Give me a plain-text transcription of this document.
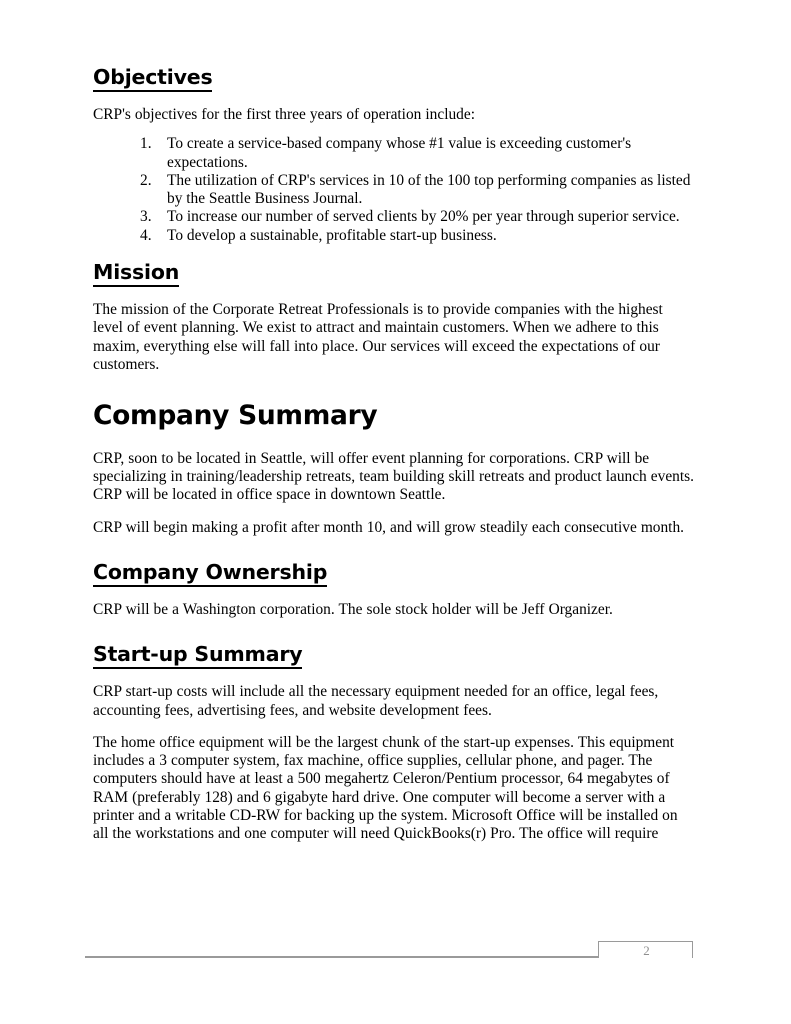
Objectives

CRP's objectives for the first three years of operation include:

To create a service-based company whose #1 value is exceeding customer's expectations.
The utilization of CRP's services in 10 of the 100 top performing companies as listed by the Seattle Business Journal.
To increase our number of served clients by 20% per year through superior service.
To develop a sustainable, profitable start-up business.
Mission

The mission of the Corporate Retreat Professionals is to provide companies with the highest level of event planning. We exist to attract and maintain customers. When we adhere to this maxim, everything else will fall into place. Our services will exceed the expectations of our customers.

Company Summary

CRP, soon to be located in Seattle, will offer event planning for corporations. CRP will be specializing in training/leadership retreats, team building skill retreats and product launch events. CRP will be located in office space in downtown Seattle.

CRP will begin making a profit after month 10, and will grow steadily each consecutive month.

Company Ownership

CRP will be a Washington corporation. The sole stock holder will be Jeff Organizer.

Start-up Summary

CRP start-up costs will include all the necessary equipment needed for an office, legal fees, accounting fees, advertising fees, and website development fees.

The home office equipment will be the largest chunk of the start-up expenses. This equipment includes a 3 computer system, fax machine, office supplies, cellular phone, and pager. The computers should have at least a 500 megahertz Celeron/Pentium processor, 64 megabytes of RAM (preferably 128) and 6 gigabyte hard drive. One computer will become a server with a printer and a writable CD-RW for backing up the system. Microsoft Office will be installed on all the workstations and one computer will need QuickBooks(r) Pro. The office will require

2
